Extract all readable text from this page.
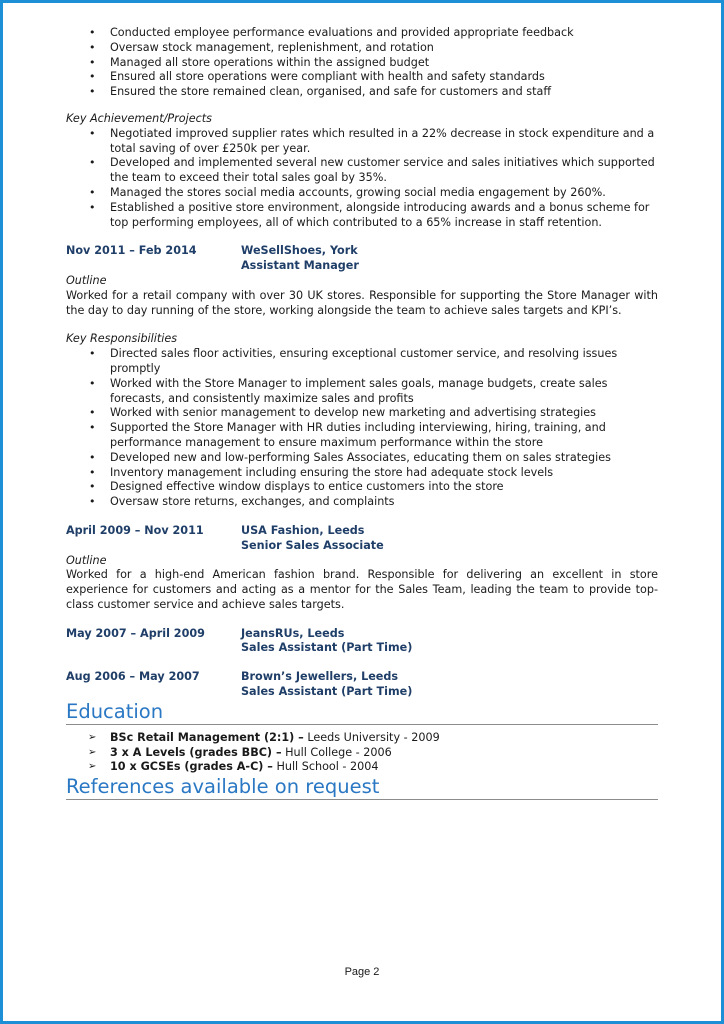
• Conducted employee performance evaluations and provided appropriate feedback
• Oversaw stock management, replenishment, and rotation
• Managed all store operations within the assigned budget
• Ensured all store operations were compliant with health and safety standards
• Ensured the store remained clean, organised, and safe for customers and staff

Key Achievement/Projects

• Negotiated improved supplier rates which resulted in a 22% decrease in stock expenditure and a total saving of over £250k per year.
• Developed and implemented several new customer service and sales initiatives which supported the team to exceed their total sales goal by 35%.
• Managed the stores social media accounts, growing social media engagement by 260%.
• Established a positive store environment, alongside introducing awards and a bonus scheme for top performing employees, all of which contributed to a 65% increase in staff retention.
Nov 2011 – Feb 2014	WeSellShoes, York
Assistant Manager

Outline

Worked for a retail company with over 30 UK stores. Responsible for supporting the Store Manager with the day to day running of the store, working alongside the team to achieve sales targets and KPI’s.

Key Responsibilities

• Directed sales floor activities, ensuring exceptional customer service, and resolving issues promptly
• Worked with the Store Manager to implement sales goals, manage budgets, create sales forecasts, and consistently maximize sales and profits
• Worked with senior management to develop new marketing and advertising strategies
• Supported the Store Manager with HR duties including interviewing, hiring, training, and performance management to ensure maximum performance within the store
• Developed new and low-performing Sales Associates, educating them on sales strategies
• Inventory management including ensuring the store had adequate stock levels
• Designed effective window displays to entice customers into the store
• Oversaw store returns, exchanges, and complaints
April 2009 – Nov 2011	USA Fashion, Leeds
Senior Sales Associate

Outline

Worked for a high-end American fashion brand. Responsible for delivering an excellent in store experience for customers and acting as a mentor for the Sales Team, leading the team to provide top-class customer service and achieve sales targets.

May 2007 – April 2009	JeansRUs, Leeds
Sales Assistant (Part Time)
Aug 2006 – May 2007	Brown’s Jewellers, Leeds
Sales Assistant (Part Time)
Education
➢ BSc Retail Management (2:1) – Leeds University - 2009
➢ 3 x A Levels (grades BBC) – Hull College - 2006
➢ 10 x GCSEs (grades A-C) – Hull School - 2004
References available on request
Page 2
